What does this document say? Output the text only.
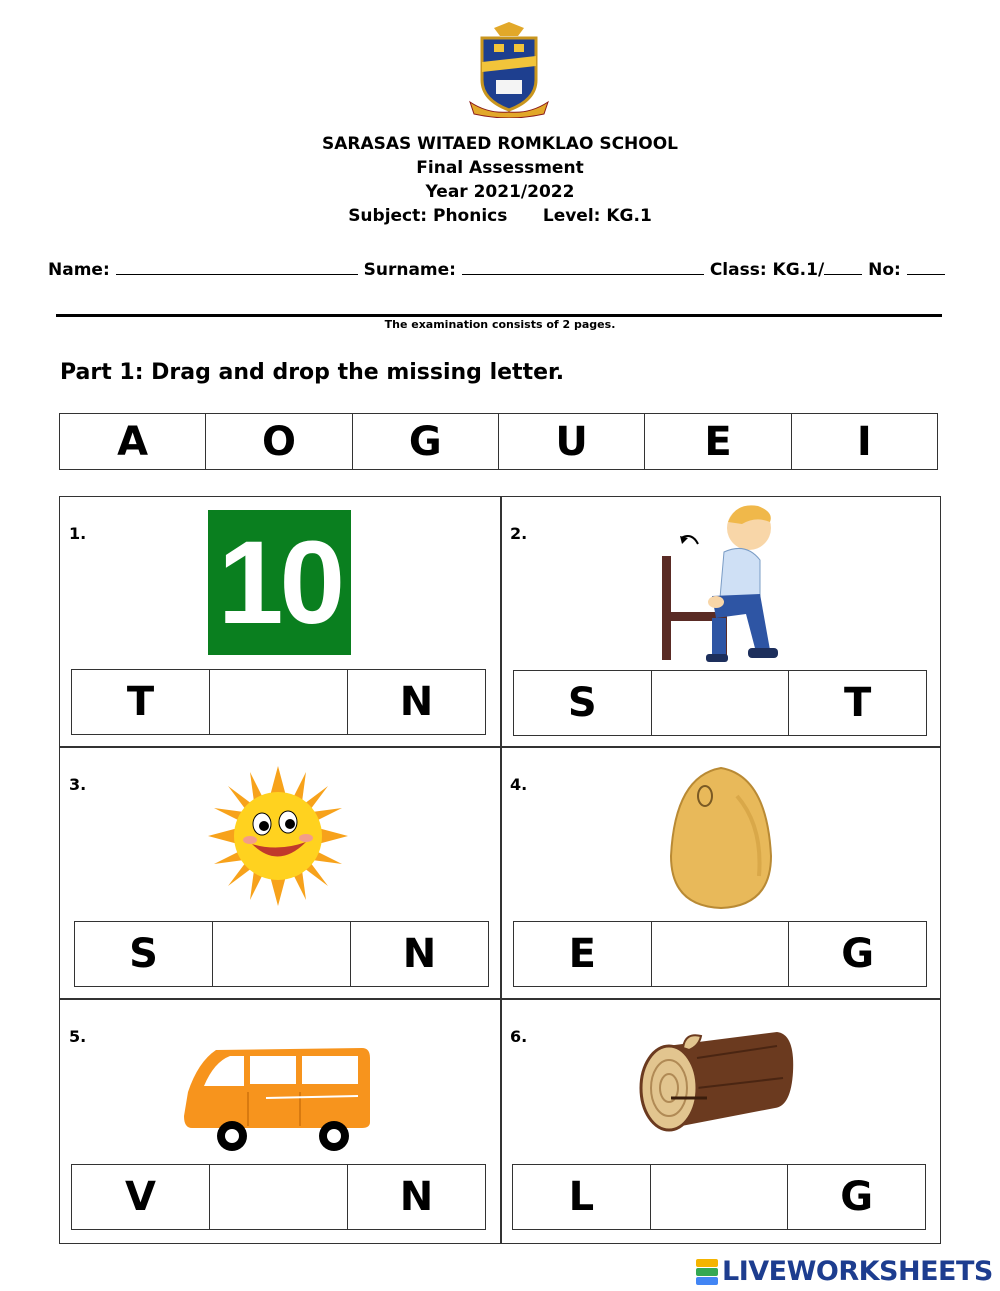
SARASAS WITAED ROMKLAO SCHOOL
Final Assessment
Year 2021/2022
Subject: Phonics      Level: KG.1
Name:	Surname:	Class: KG.1/	No:
The examination consists of 2 pages.
Part 1: Drag and drop the missing letter.
A	O	G	U	E	I
1. 10
T	N
2.
S	T
3.
S	N
4.
E	G
5.
V	N
6.
L	G
LIVEWORKSHEETS
